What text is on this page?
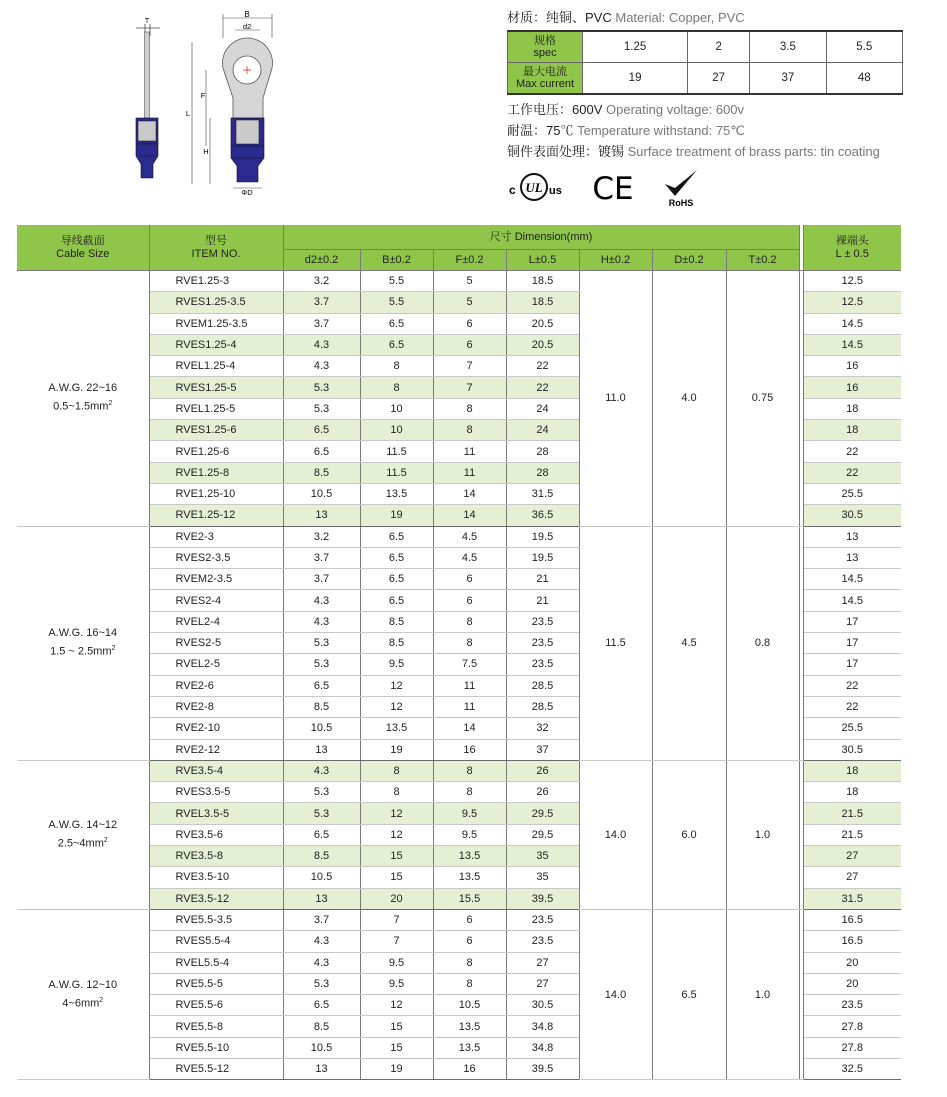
T
B
d2
L
F
H
ΦD
材质：纯铜、PVC Material: Copper, PVC
规格
spec	1.25	2	3.5	5.5
最大电流
Max current	19	27	37	48
工作电压：600V Operating voltage: 600v
耐温：75℃ Temperature withstand: 75℃
铜件表面处理：镀锡 Surface treatment of brass parts: tin coating
c UL us CE	RoHS
导线截面
Cable Size	型号
ITEM NO.	尺寸 Dimension(mm)								裸端头
L ± 0.5
		d2±0.2	B±0.2	F±0.2	L±0.5	H±0.2	D±0.2	T±0.2		
A.W.G. 22~16
$0.5\sim 1.5mm^2$	RVE1.25-3	3.2	5.5	5	18.5	11.0	4.0	0.75		12.5
	RVES1.25-3.5	3.7	5.5	5	18.5					12.5
	RVEM1.25-3.5	3.7	6.5	6	20.5					14.5
	RVES1.25-4	4.3	6.5	6	20.5					14.5
	RVEL1.25-4	4.3	8	7	22					16
	RVES1.25-5	5.3	8	7	22					16
	RVEL1.25-5	5.3	10	8	24					18
	RVES1.25-6	6.5	10	8	24					18
	RVE1.25-6	6.5	11.5	11	28					22
	RVE1.25-8	8.5	11.5	11	28					22
	RVE1.25-10	10.5	13.5	14	31.5					25.5
	RVE1.25-12	13	19	14	36.5					30.5
A.W.G. 16~14
1.5 ~ $2.5mm^2$	RVE2-3	3.2	6.5	4.5	19.5	11.5	4.5	0.8		13
	RVES2-3.5	3.7	6.5	4.5	19.5					13
	RVEM2-3.5	3.7	6.5	6	21					14.5
	RVES2-4	4.3	6.5	6	21					14.5
	RVEL2-4	4.3	8.5	8	23.5					17
	RVES2-5	5.3	8.5	8	23.5					17
	RVEL2-5	5.3	9.5	7.5	23.5					17
	RVE2-6	6.5	12	11	28.5					22
	RVE2-8	8.5	12	11	28.5					22
	RVE2-10	10.5	13.5	14	32					25.5
	RVE2-12	13	19	16	37					30.5
A.W.G. 14~12
$2.5\sim 4mm^2$	RVE3.5-4	4.3	8	8	26	14.0	6.0	1.0		18
	RVES3.5-5	5.3	8	8	26					18
	RVEL3.5-5	5.3	12	9.5	29.5					21.5
	RVE3.5-6	6.5	12	9.5	29.5					21.5
	RVE3.5-8	8.5	15	13.5	35					27
	RVE3.5-10	10.5	15	13.5	35					27
	RVE3.5-12	13	20	15.5	39.5					31.5
A.W.G. 12~10
$4\sim 6mm^2$	RVE5.5-3.5	3.7	7	6	23.5	14.0	6.5	1.0		16.5
	RVES5.5-4	4.3	7	6	23.5					16.5
	RVEL5.5-4	4.3	9.5	8	27					20
	RVE5.5-5	5.3	9.5	8	27					20
	RVE5.5-6	6.5	12	10.5	30.5					23.5
	RVE5.5-8	8.5	15	13.5	34.8					27.8
	RVE5.5-10	10.5	15	13.5	34.8					27.8
	RVE5.5-12	13	19	16	39.5					32.5
